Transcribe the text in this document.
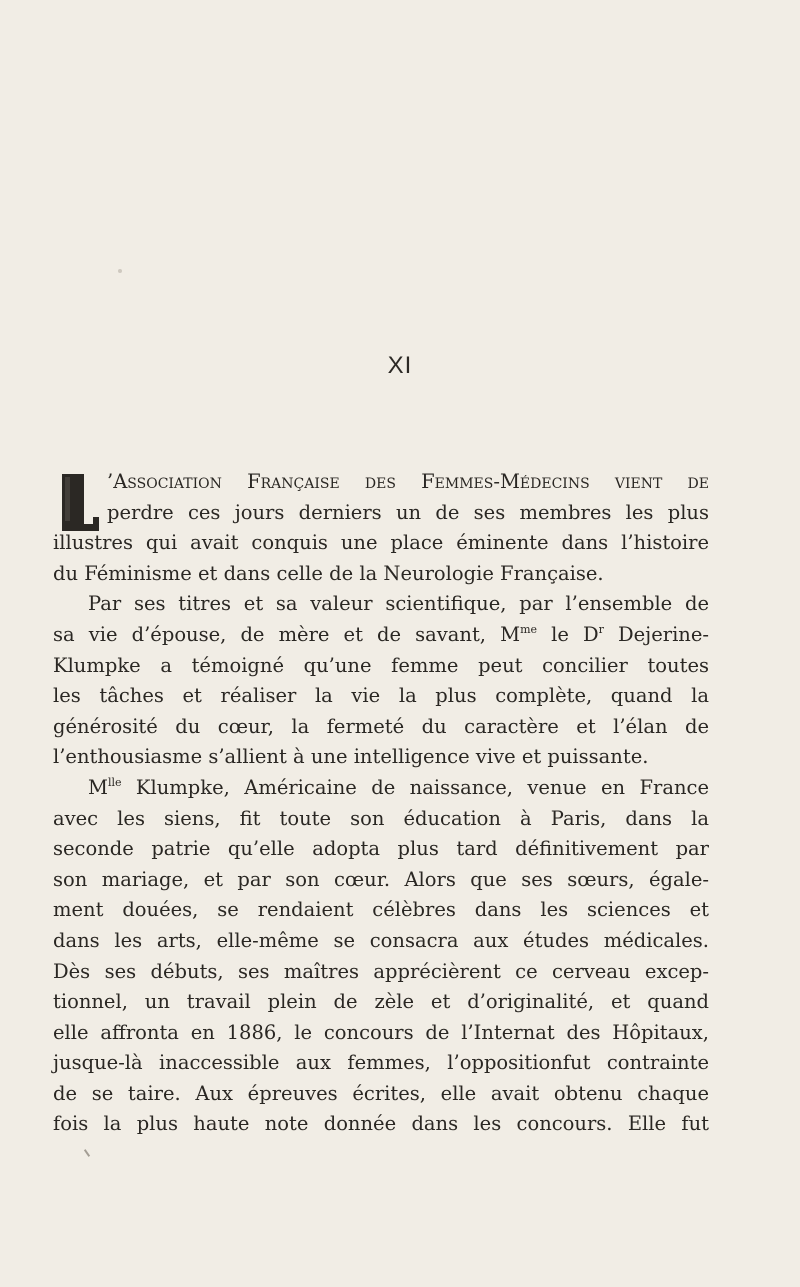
XI
’Association Française des Femmes-Médecins vient de
perdre ces jours derniers un de ses membres les plus
illustres qui avait conquis une place éminente dans l’histoire
du Féminisme et dans celle de la Neurologie Française.
Par ses titres et sa valeur scientifique, par l’ensemble de
sa vie d’épouse, de mère et de savant, $M^{me}$ le $D^r$ Dejerine-
Klumpke a témoigné qu’une femme peut concilier toutes
les tâches et réaliser la vie la plus complète, quand la
générosité du cœur, la fermeté du caractère et l’élan de
l’enthousiasme s’allient à une intelligence vive et puissante.
$M^{lle}$ Klumpke, Américaine de naissance, venue en France
avec les siens, fit toute son éducation à Paris, dans la
seconde patrie qu’elle adopta plus tard définitivement par
son mariage, et par son cœur. Alors que ses sœurs, égale-
ment douées, se rendaient célèbres dans les sciences et
dans les arts, elle-même se consacra aux études médicales.
Dès ses débuts, ses maîtres apprécièrent ce cerveau excep-
tionnel, un travail plein de zèle et d’originalité, et quand
elle affronta en 1886, le concours de l’Internat des Hôpitaux,
jusque-là inaccessible aux femmes, l’oppositionfut contrainte
de se taire. Aux épreuves écrites, elle avait obtenu chaque
fois la plus haute note donnée dans les concours. Elle fut
